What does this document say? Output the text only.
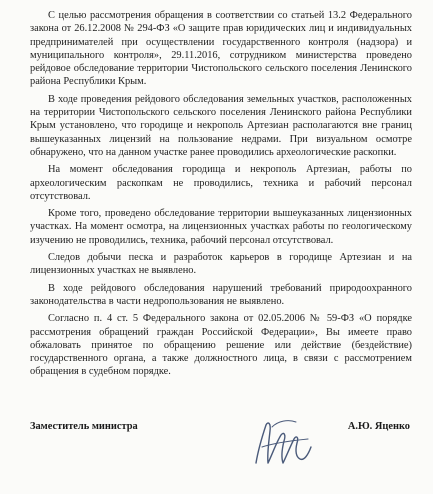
С целью рассмотрения обращения в соответствии со статьей 13.2 Федерального закона от 26.12.2008 № 294-ФЗ «О защите прав юридических лиц и индивидуальных предпринимателей при осуществлении государственного контроля (надзора) и муниципального контроля», 29.11.2016, сотрудником министерства проведено рейдовое обследование территории Чистопольского сельского поселения Ленинского района Республики Крым.

В ходе проведения рейдового обследования земельных участков, расположенных на территории Чистопольского сельского поселения Ленинского района Республики Крым установлено, что городище и некрополь Артезиан располагаются вне границ вышеуказанных лицензий на пользование недрами. При визуальном осмотре обнаружено, что на данном участке ранее проводились археологические раскопки.

На момент обследования городища и некрополь Артезиан, работы по археологическим раскопкам не проводились, техника и рабочий персонал отсутствовал.

Кроме того, проведено обследование территории вышеуказанных лицензионных участках. На момент осмотра, на лицензионных участках работы по геологическому изучению не проводились, техника, рабочий персонал отсутствовал.

Следов добычи песка и разработок карьеров в городище Артезиан и на лицензионных участках не выявлено.

В ходе рейдового обследования нарушений требований природоохранного законодательства в части недропользования не выявлено.

Согласно п. 4 ст. 5 Федерального закона от 02.05.2006 № 59-ФЗ «О порядке рассмотрения обращений граждан Российской Федерации», Вы имеете право обжаловать принятое по обращению решение или действие (бездействие) государственного органа, а также должностного лица, в связи с рассмотрением обращения в судебном порядке.

Заместитель министра	А.Ю. Яценко
